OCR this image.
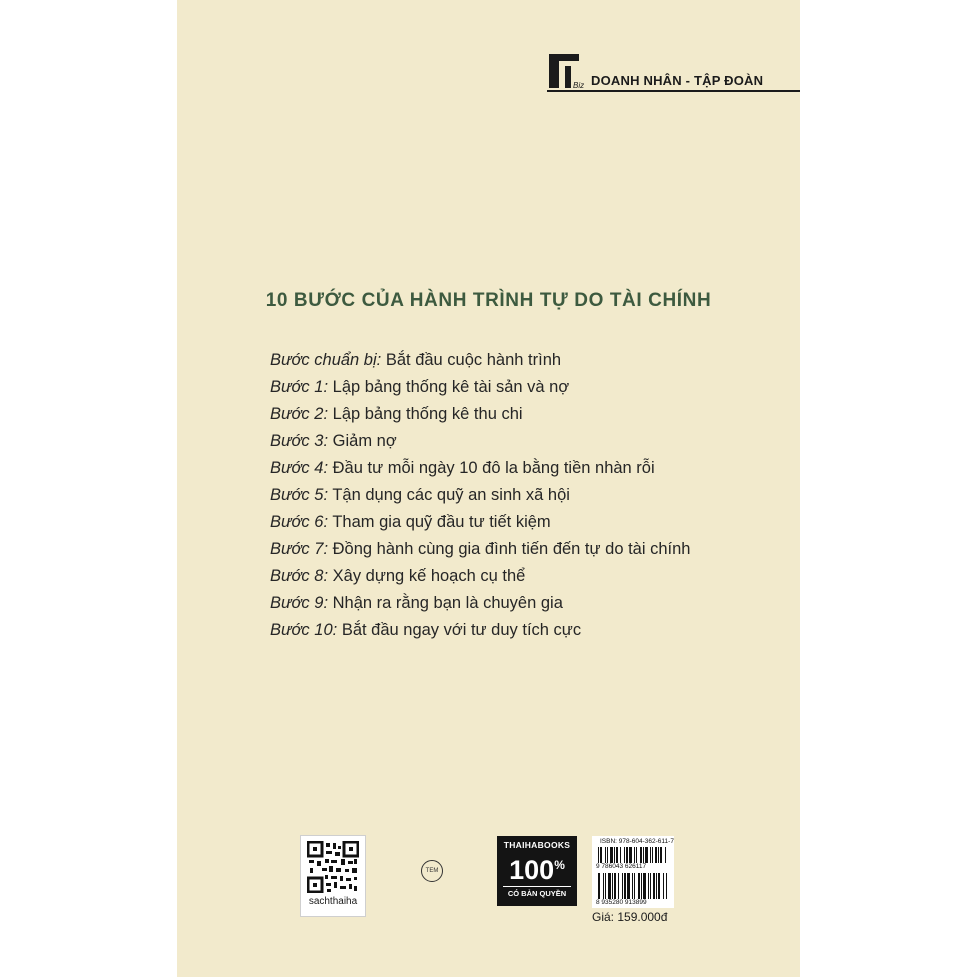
Biz DOANH NHÂN - TẬP ĐOÀN
10 BƯỚC CỦA HÀNH TRÌNH TỰ DO TÀI CHÍNH
Bước chuẩn bị: Bắt đầu cuộc hành trình
Bước 1: Lập bảng thống kê tài sản và nợ
Bước 2: Lập bảng thống kê thu chi
Bước 3: Giảm nợ
Bước 4: Đầu tư mỗi ngày 10 đô la bằng tiền nhàn rỗi
Bước 5: Tận dụng các quỹ an sinh xã hội
Bước 6: Tham gia quỹ đầu tư tiết kiệm
Bước 7: Đồng hành cùng gia đình tiến đến tự do tài chính
Bước 8: Xây dựng kế hoạch cụ thể
Bước 9: Nhận ra rằng bạn là chuyên gia
Bước 10: Bắt đầu ngay với tư duy tích cực
sachthaiha
TEM
THAIHABOOKS
100%
CÓ BẢN QUYỀN
ISBN: 978-604-362-611-7
9 786043 626117
8 935280 913899
Giá: 159.000đ
